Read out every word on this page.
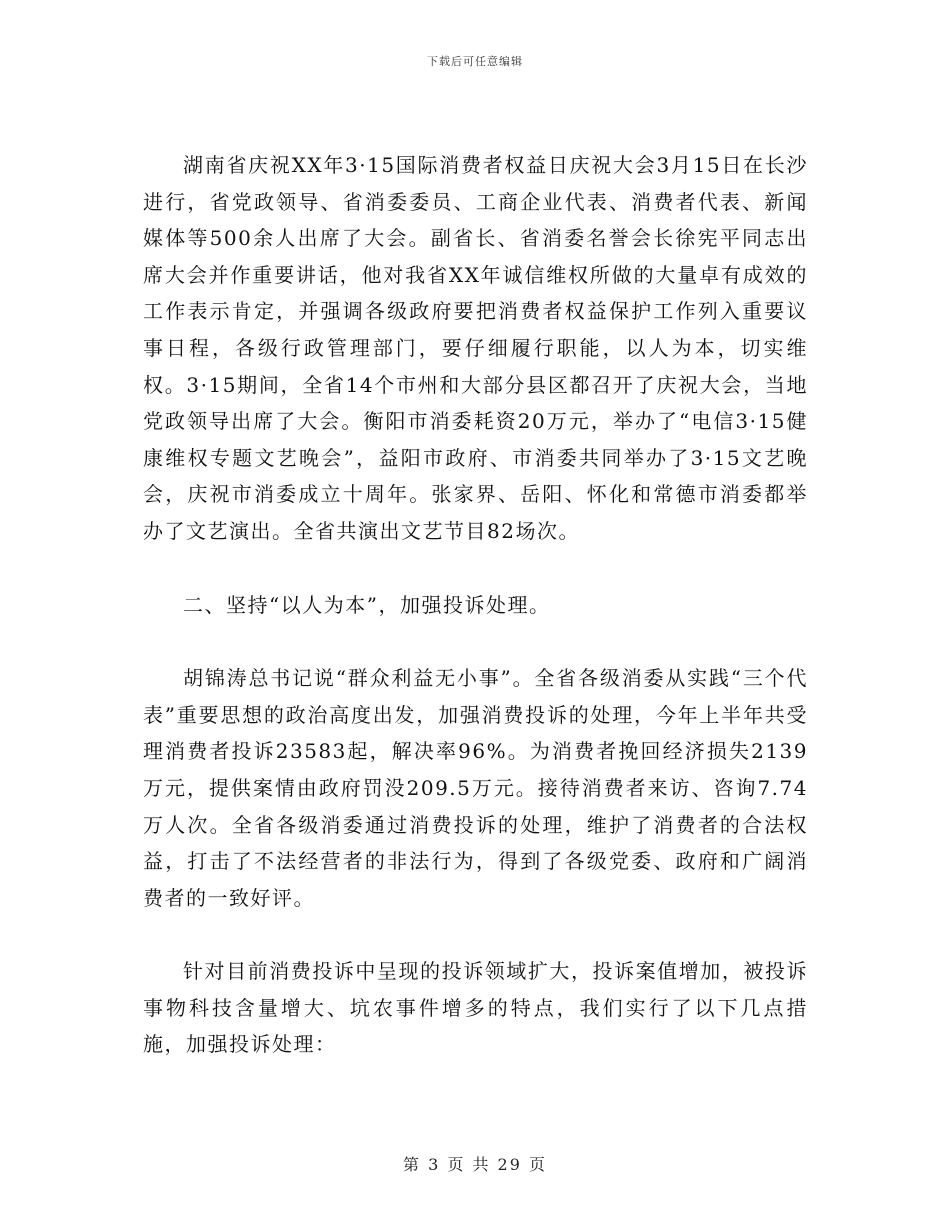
下载后可任意编辑

湖南省庆祝XX年3·15国际消费者权益日庆祝大会3月15日在长沙进行，省党政领导、省消委委员、工商企业代表、消费者代表、新闻媒体等500余人出席了大会。副省长、省消委名誉会长徐宪平同志出席大会并作重要讲话，他对我省XX年诚信维权所做的大量卓有成效的工作表示肯定，并强调各级政府要把消费者权益保护工作列入重要议事日程，各级行政管理部门，要仔细履行职能，以人为本，切实维权。3·15期间，全省14个市州和大部分县区都召开了庆祝大会，当地党政领导出席了大会。衡阳市消委耗资20万元，举办了“电信3·15健康维权专题文艺晚会”，益阳市政府、市消委共同举办了3·15文艺晚会，庆祝市消委成立十周年。张家界、岳阳、怀化和常德市消委都举办了文艺演出。全省共演出文艺节目82场次。

二、坚持“以人为本”，加强投诉处理。

胡锦涛总书记说“群众利益无小事”。全省各级消委从实践“三个代表”重要思想的政治高度出发，加强消费投诉的处理，今年上半年共受理消费者投诉23583起，解决率96%。为消费者挽回经济损失2139万元，提供案情由政府罚没209.5万元。接待消费者来访、咨询7.74万人次。全省各级消委通过消费投诉的处理，维护了消费者的合法权益，打击了不法经营者的非法行为，得到了各级党委、政府和广阔消费者的一致好评。

针对目前消费投诉中呈现的投诉领域扩大，投诉案值增加，被投诉事物科技含量增大、坑农事件增多的特点，我们实行了以下几点措施，加强投诉处理：

第 3 页 共 29 页
